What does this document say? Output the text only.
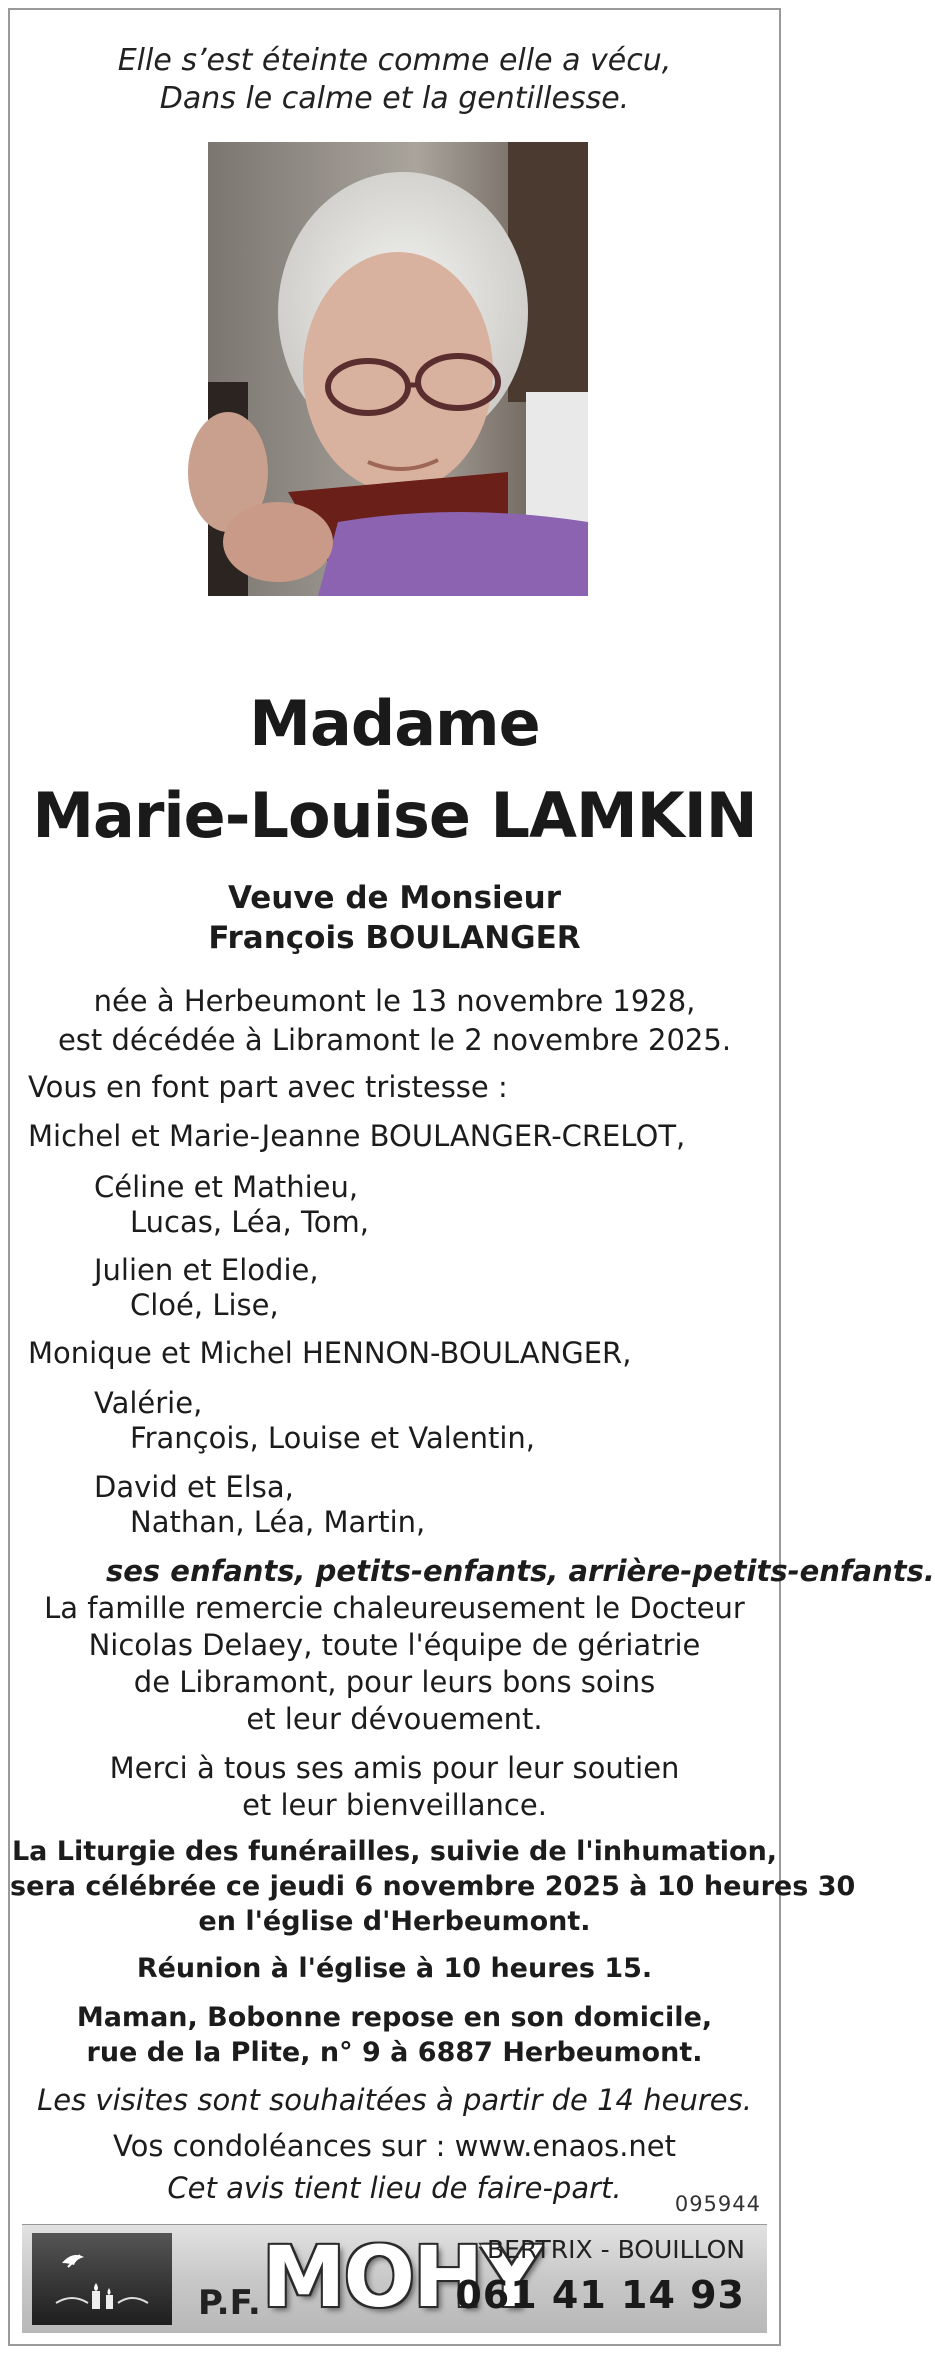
Elle s’est éteinte comme elle a vécu,
Dans le calme et la gentillesse.
Madame
Marie-Louise LAMKIN
Veuve de Monsieur
François BOULANGER
née à Herbeumont le 13 novembre 1928,
est décédée à Libramont le 2 novembre 2025.
Vous en font part avec tristesse :
Michel et Marie-Jeanne BOULANGER-CRELOT,
Céline et Mathieu,
Lucas, Léa, Tom,
Julien et Elodie,
Cloé, Lise,
Monique et Michel HENNON-BOULANGER,
Valérie,
François, Louise et Valentin,
David et Elsa,
Nathan, Léa, Martin,
ses enfants, petits-enfants, arrière-petits-enfants.
La famille remercie chaleureusement le Docteur
Nicolas Delaey, toute l'équipe de gériatrie
de Libramont, pour leurs bons soins
et leur dévouement.
Merci à tous ses amis pour leur soutien
et leur bienveillance.
La Liturgie des funérailles, suivie de l'inhumation,
sera célébrée ce jeudi 6 novembre 2025 à 10 heures 30
en l'église d'Herbeumont.
Réunion à l'église à 10 heures 15.
Maman, Bobonne repose en son domicile,
rue de la Plite, n° 9 à 6887 Herbeumont.
Les visites sont souhaitées à partir de 14 heures.
Vos condoléances sur : www.enaos.net
Cet avis tient lieu de faire-part.	095944
P.F. MOHY
BERTRIX - BOUILLON
061 41 14 93
